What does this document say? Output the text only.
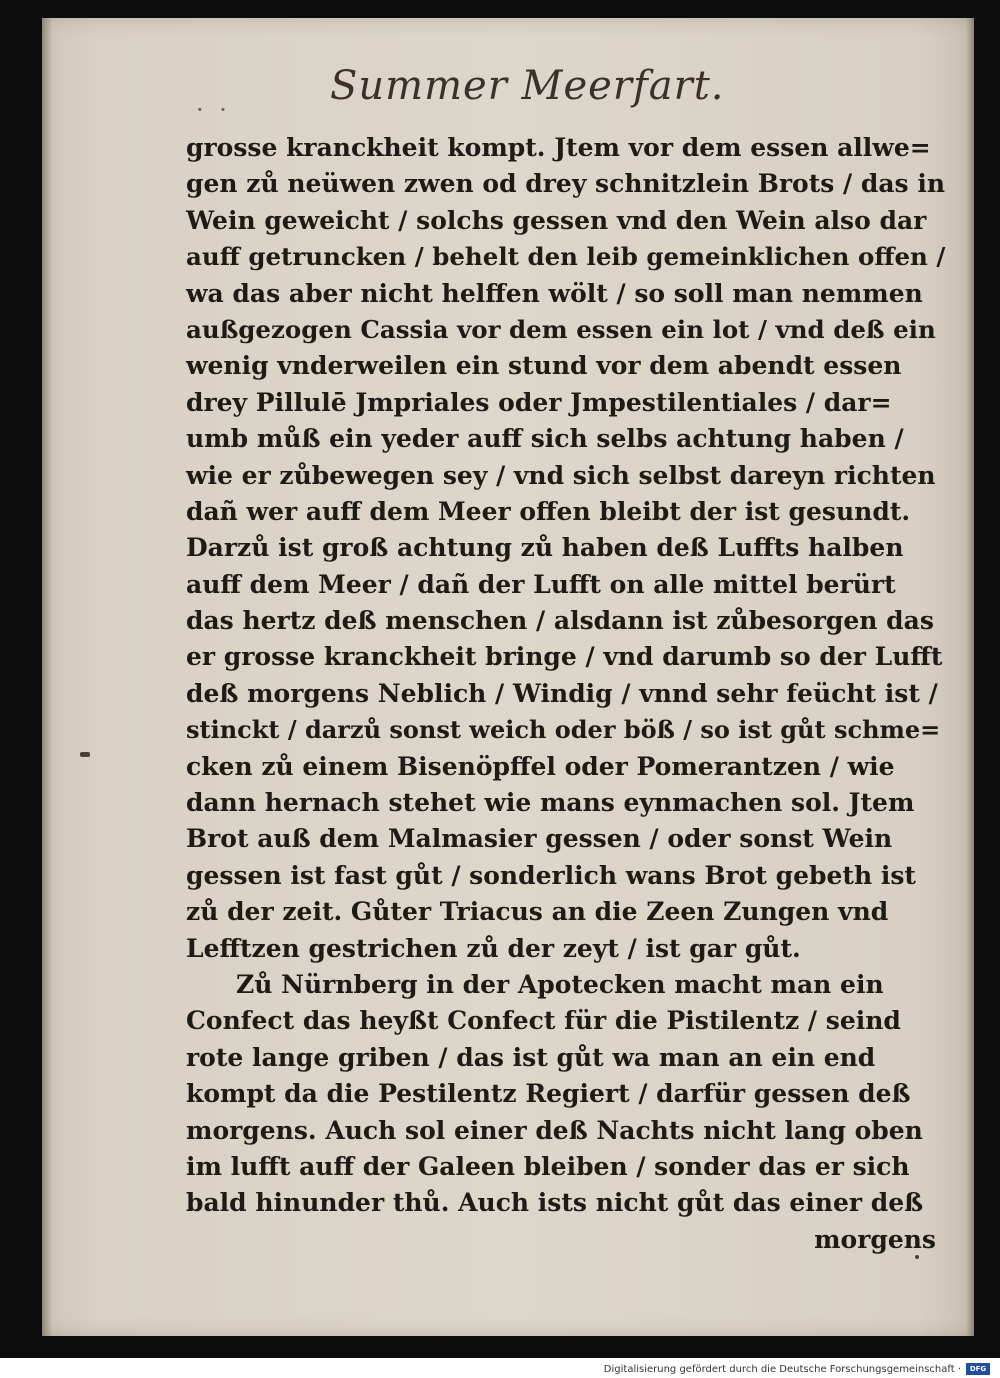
· ·
Summer Meerfart.
grosse kranckheit kompt. Jtem vor dem essen allwe=
gen zů neüwen zwen od drey schnitzlein Brots / das in
Wein geweicht / solchs gessen vnd den Wein also dar
auff getruncken / behelt den leib gemeinklichen offen /
wa das aber nicht helffen wölt / so soll man nemmen
außgezogen Cassia vor dem essen ein lot / vnd deß ein
wenig vnderweilen ein stund vor dem abendt essen
drey Pillulē Jmpriales oder Jmpestilentiales / dar=
umb můß ein yeder auff sich selbs achtung haben /
wie er zůbewegen sey / vnd sich selbst dareyn richten
dañ wer auff dem Meer offen bleibt der ist gesundt.
Darzů ist groß achtung zů haben deß Luffts halben
auff dem Meer / dañ der Lufft on alle mittel berürt
das hertz deß menschen / alsdann ist zůbesorgen das
er grosse kranckheit bringe / vnd darumb so der Lufft
deß morgens Neblich / Windig / vnnd sehr feücht ist /
stinckt / darzů sonst weich oder böß / so ist gůt schme=
cken zů einem Bisenöpffel oder Pomerantzen / wie
dann hernach stehet wie mans eynmachen sol. Jtem
Brot auß dem Malmasier gessen / oder sonst Wein
gessen ist fast gůt / sonderlich wans Brot gebeth ist
zů der zeit. Gůter Triacus an die Zeen Zungen vnd
Lefftzen gestrichen zů der zeyt / ist gar gůt.
Zů Nürnberg in der Apotecken macht man ein
Confect das heyßt Confect für die Pistilentz / seind
rote lange griben / das ist gůt wa man an ein end
kompt da die Pestilentz Regiert / darfür gessen deß
morgens. Auch sol einer deß Nachts nicht lang oben
im lufft auff der Galeen bleiben / sonder das er sich
bald hinunder thů. Auch ists nicht gůt das einer deß
morgens
Digitalisierung gefördert durch die Deutsche Forschungsgemeinschaft ·	DFG
